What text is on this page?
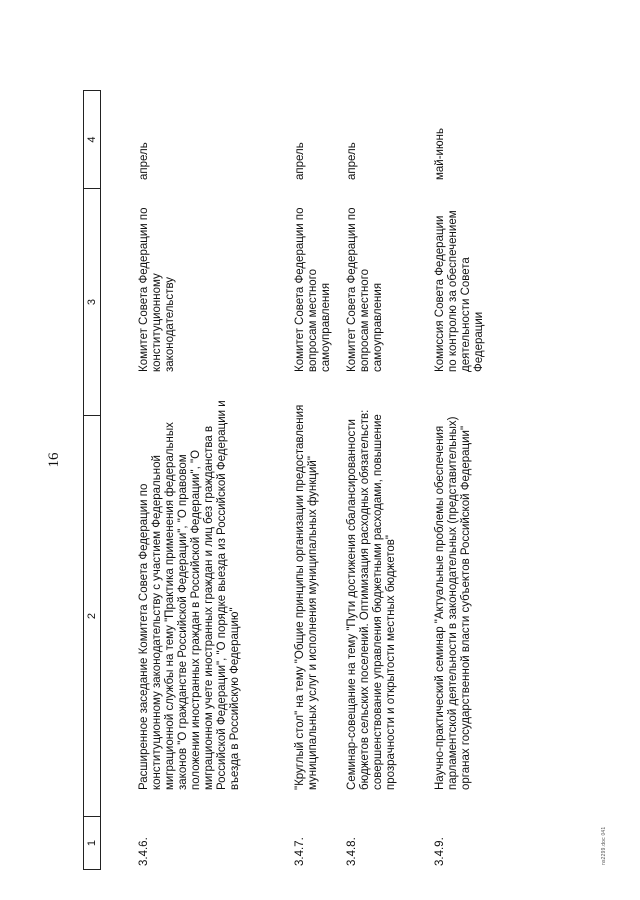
16
1
2
3
4
3.4.6.
Расширенное заседание Комитета Совета Федерации по конституционному законодательству с участием Федеральной миграционной службы на тему "Практика применения федеральных законов "О гражданстве Российской Федерации", "О правовом положении иностранных граждан в Российской Федерации", "О миграционном учете иностранных граждан и лиц без гражданства в Российской Федерации", "О порядке выезда из Российской Федерации и въезда в Российскую Федерацию"
Комитет Совета Федерации по конституционному законодательству
апрель
3.4.7.
"Круглый стол" на тему "Общие принципы организации предоставления муниципальных услуг и исполнения муниципальных функций"
Комитет Совета Федерации по вопросам местного самоуправления
апрель
3.4.8.
Семинар-совещание на тему "Пути достижения сбалансированности бюджетов сельских поселений. Оптимизация расходных обязательств: совершенствование управления бюджетными расходами, повышение прозрачности и открытости местных бюджетов"
Комитет Совета Федерации по вопросам местного самоуправления
апрель
3.4.9.
Научно-практический семинар "Актуальные проблемы обеспечения парламентской деятельности в законодательных (представительных) органах государственной власти субъектов Российской Федерации"
Комиссия Совета Федерации по контролю за обеспечением деятельности Совета Федерации
май-июнь
ns2299.doc 041
